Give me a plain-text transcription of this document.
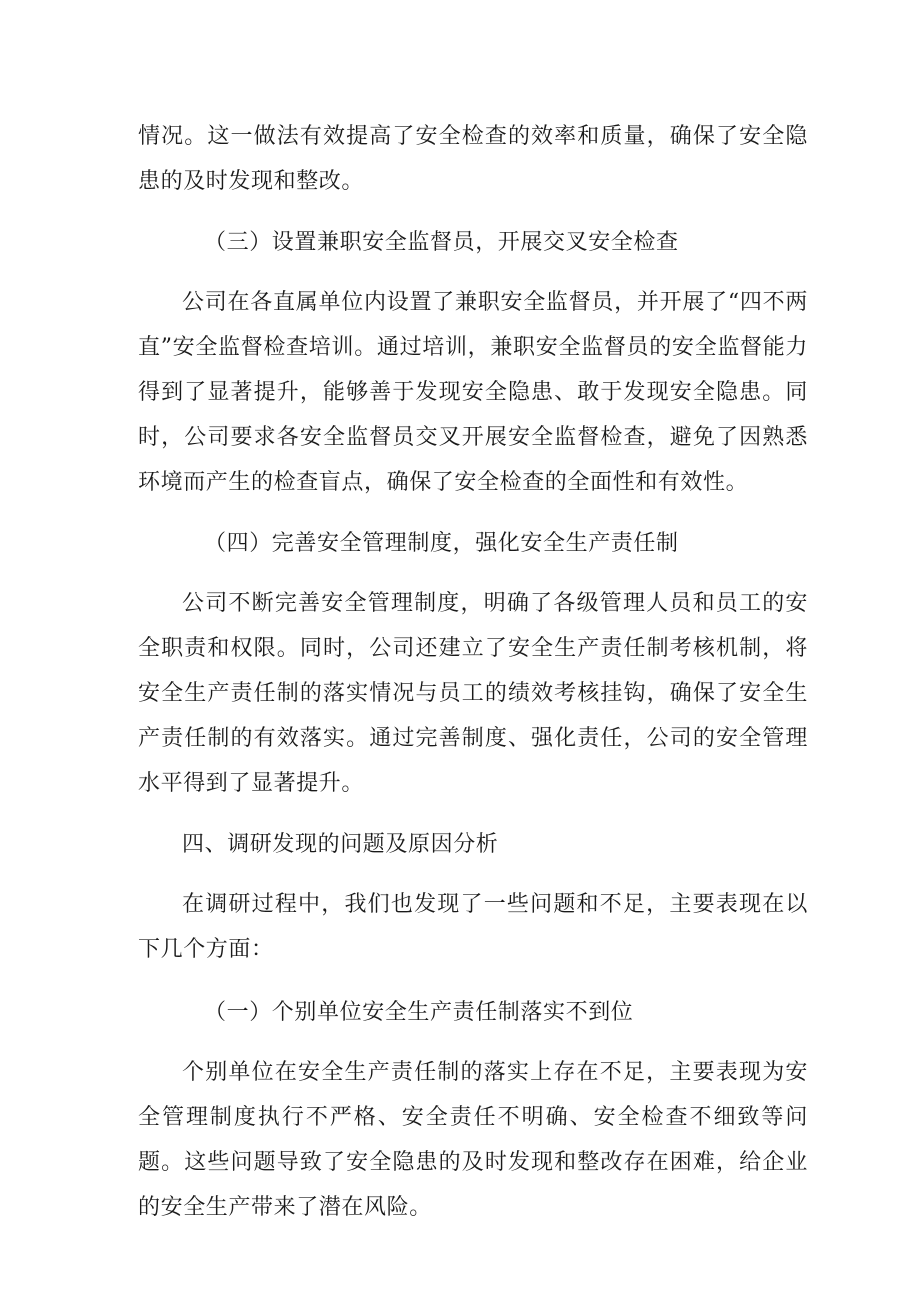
情况。这一做法有效提高了安全检查的效率和质量，确保了安全隐患的及时发现和整改。

（三）设置兼职安全监督员，开展交叉安全检查

公司在各直属单位内设置了兼职安全监督员，并开展了“四不两直”安全监督检查培训。通过培训，兼职安全监督员的安全监督能力得到了显著提升，能够善于发现安全隐患、敢于发现安全隐患。同时，公司要求各安全监督员交叉开展安全监督检查，避免了因熟悉环境而产生的检查盲点，确保了安全检查的全面性和有效性。

（四）完善安全管理制度，强化安全生产责任制

公司不断完善安全管理制度，明确了各级管理人员和员工的安全职责和权限。同时，公司还建立了安全生产责任制考核机制，将安全生产责任制的落实情况与员工的绩效考核挂钩，确保了安全生产责任制的有效落实。通过完善制度、强化责任，公司的安全管理水平得到了显著提升。

四、调研发现的问题及原因分析

在调研过程中，我们也发现了一些问题和不足，主要表现在以下几个方面：

（一）个别单位安全生产责任制落实不到位

个别单位在安全生产责任制的落实上存在不足，主要表现为安全管理制度执行不严格、安全责任不明确、安全检查不细致等问题。这些问题导致了安全隐患的及时发现和整改存在困难，给企业的安全生产带来了潜在风险。
